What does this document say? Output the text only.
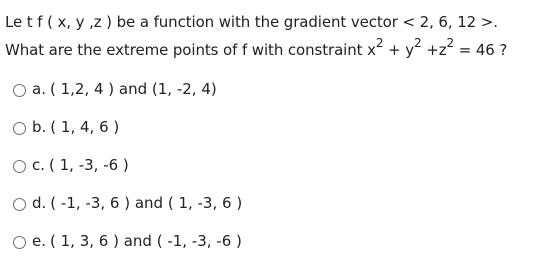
Le t f ( x, y ,z ) be a function with the gradient vector < 2, 6, 12 >.
What are the extreme points of f with constraint $x^2 + y^2 +z^2 = 46$ ?
a. ( 1,2, 4 ) and (1, -2, 4)
b. ( 1, 4, 6 )
c. ( 1, -3, -6 )
d. ( -1, -3, 6 ) and ( 1, -3, 6 )
e. ( 1, 3, 6 ) and ( -1, -3, -6 )
